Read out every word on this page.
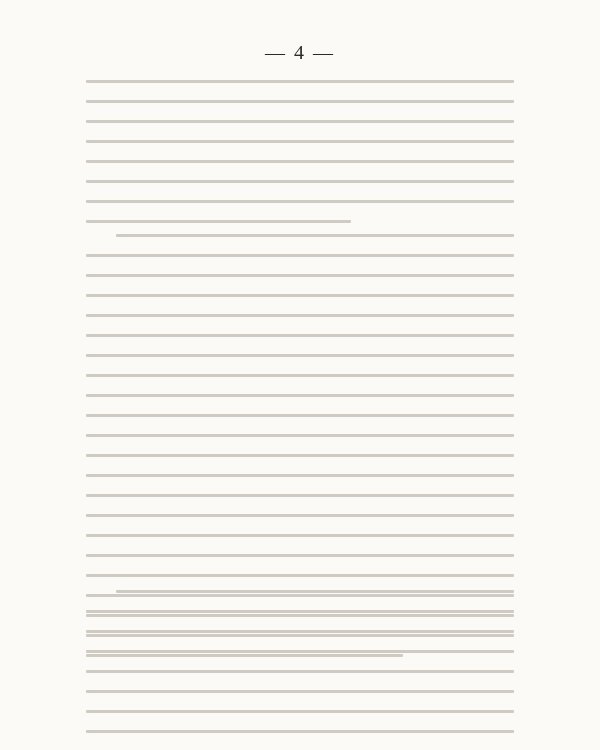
— 4 —
